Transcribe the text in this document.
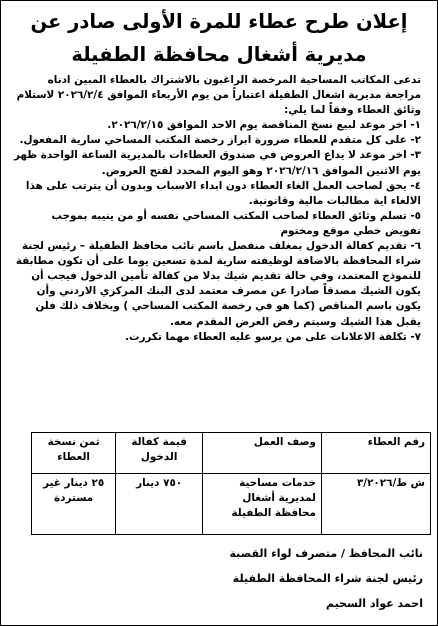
إعلان طرح عطاء للمرة الأولى صادر عن
مديرية أشغال محافظة الطفيلة

تدعى المكاتب المساحية المرخصة الراغبون بالاشتراك بالعطاء المبين ادناه مراجعة مديرية اشغال الطفيلة اعتباراً من يوم الأربعاء الموافق ٢٠٢٦/٢/٤ لاستلام وثائق العطاء وفقاً لما يلي:

١- اخر موعد لبيع نسخ المناقصة يوم الاحد الموافق ٢٠٢٦/٢/١٥.

٢- على كل متقدم للعطاء ضرورة ابراز رخصة المكتب المساحي سارية المفعول.

٣- اخر موعد لا يداع العروض في صندوق العطاءات بالمديرية الساعة الواحدة ظهر يوم الاثنين الموافق ٢٠٢٦/٢/١٦ وهو اليوم المحدد لفتح العروض.

٤- يحق لصاحب العمل الغاء العطاء دون ابداء الاسباب وبدون أن يترتب على هذا الالغاء اية مطالبات مالية وقانونية.

٥- تسلم وثائق العطاء لصاحب المكتب المساحي نفسه أو من ينيبه بموجب تفويض خطي موقع ومختوم

٦- تقديم كفالة الدخول بمغلف منفصل باسم نائب محافظ الطفيلة – رئيس لجنة شراء المحافظة بالاضافة لوظيفته سارية لمدة تسعين يوما على أن تكون مطابقة للنموذج المعتمد، وفي حالة تقديم شيك بدلا من كفالة تأمين الدخول فيجب أن يكون الشيك مصدقاً صادرا عن مصرف معتمد لدى البنك المركزي الاردني وأن يكون باسم المناقص (كما هو في رخصة المكتب المساحي ) وبخلاف ذلك فلن يقبل هذا الشيك وسيتم رفض العرض المقدم معه.

٧- تكلفة الاعلانات على من يرسو عليه العطاء مهما تكررت.

رقم العطاء	وصف العمل	قيمة كفالة الدخول	ثمن نسخة العطاء
ش ط/٣/٢٠٢٦	خدمات مساحية لمديرية أشغال محافظة الطفيلة	٧٥٠ دينار	٢٥ دينار غير مستردة
نائب المحافظ / متصرف لواء القصبة
رئيس لجنة شراء المحافظة الطفيلة
احمد عواد السحيم
